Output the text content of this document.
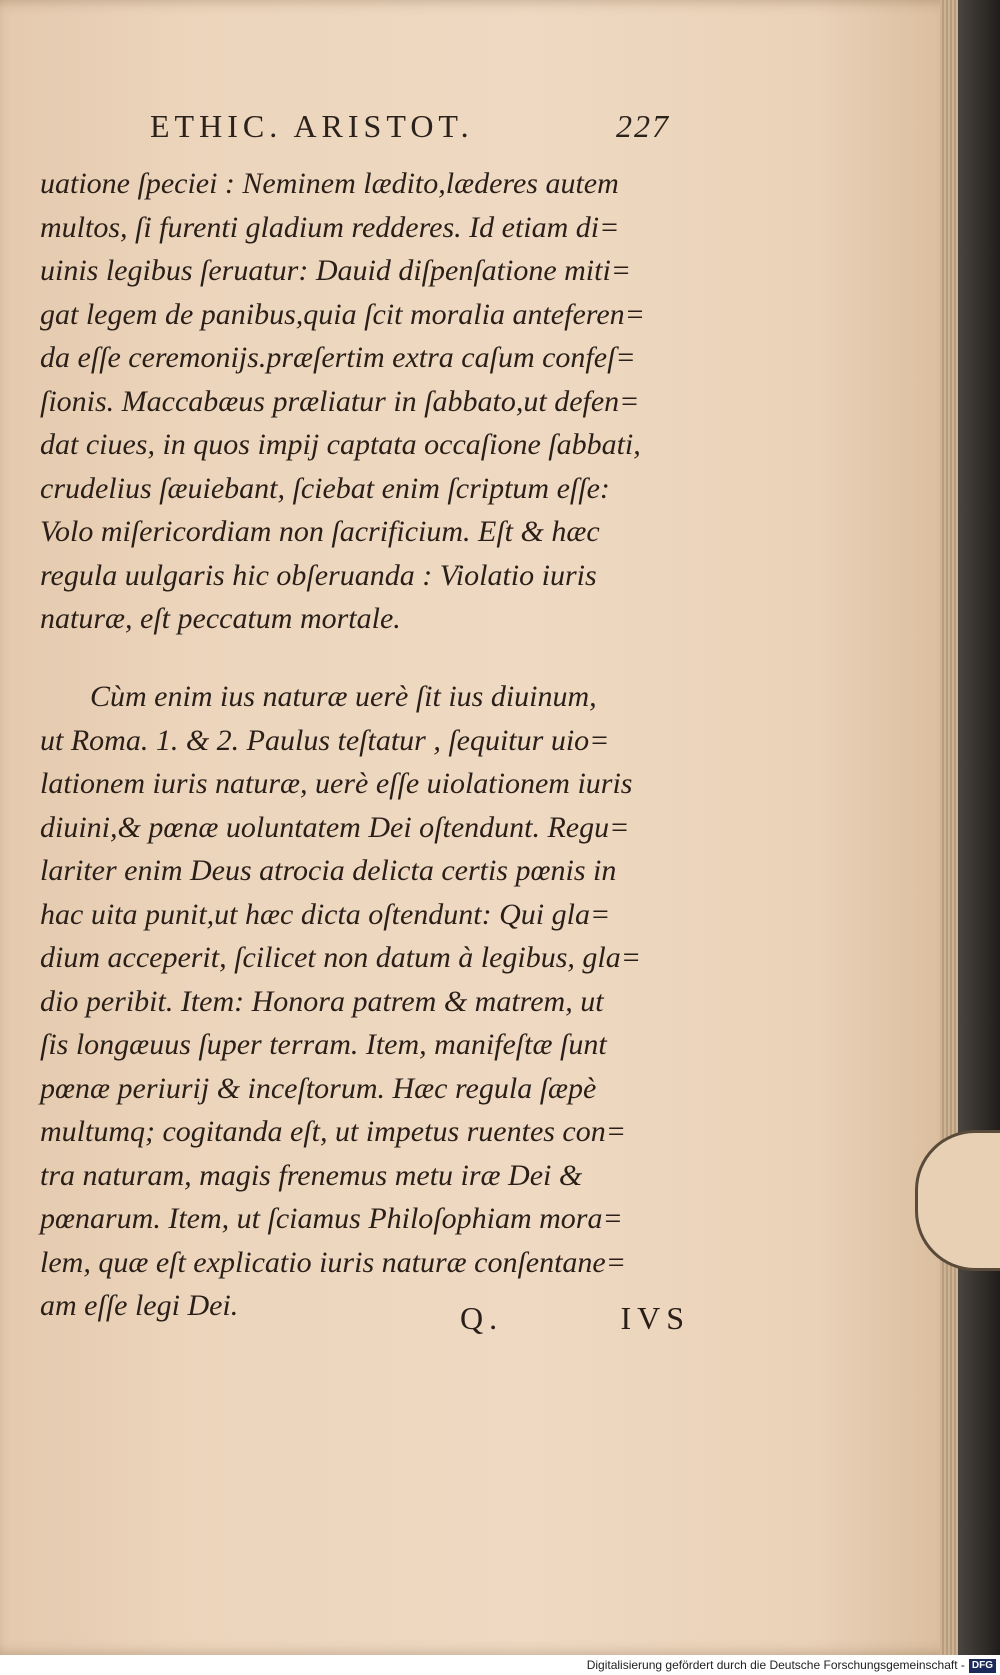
ETHIC. ARISTOT.	227
uatione ſpeciei : Neminem lædito,læderes autem
multos, ſi furenti gladium redderes. Id etiam di=
uinis legibus ſeruatur: Dauid diſpenſatione miti=
gat legem de panibus,quia ſcit moralia anteferen=
da eſſe ceremonijs.præſertim extra caſum confeſ=
ſionis. Maccabæus præliatur in ſabbato,ut defen=
dat ciues, in quos impij captata occaſione ſabbati,
crudelius ſæuiebant, ſciebat enim ſcriptum eſſe:
Volo miſericordiam non ſacrificium. Eſt & hæc
regula uulgaris hic obſeruanda : Violatio iuris
naturæ, eſt peccatum mortale.
Cùm enim ius naturæ uerè ſit ius diuinum,
ut Roma. 1. & 2. Paulus teſtatur , ſequitur uio=
lationem iuris naturæ, uerè eſſe uiolationem iuris
diuini,& pœnæ uoluntatem Dei oſtendunt. Regu=
lariter enim Deus atrocia delicta certis pœnis in
hac uita punit,ut hæc dicta oſtendunt: Qui gla=
dium acceperit, ſcilicet non datum à legibus, gla=
dio peribit. Item: Honora patrem & matrem, ut
ſis longæuus ſuper terram. Item, manifeſtæ ſunt
pœnæ periurij & inceſtorum. Hæc regula ſæpè
multumq; cogitanda eſt, ut impetus ruentes con=
tra naturam, magis frenemus metu iræ Dei &
pœnarum. Item, ut ſciamus Philoſophiam mora=
lem, quæ eſt explicatio iuris naturæ conſentane=
am eſſe legi Dei.	Q.	IVS
Digitalisierung gefördert durch die Deutsche Forschungsgemeinschaft - DFG
